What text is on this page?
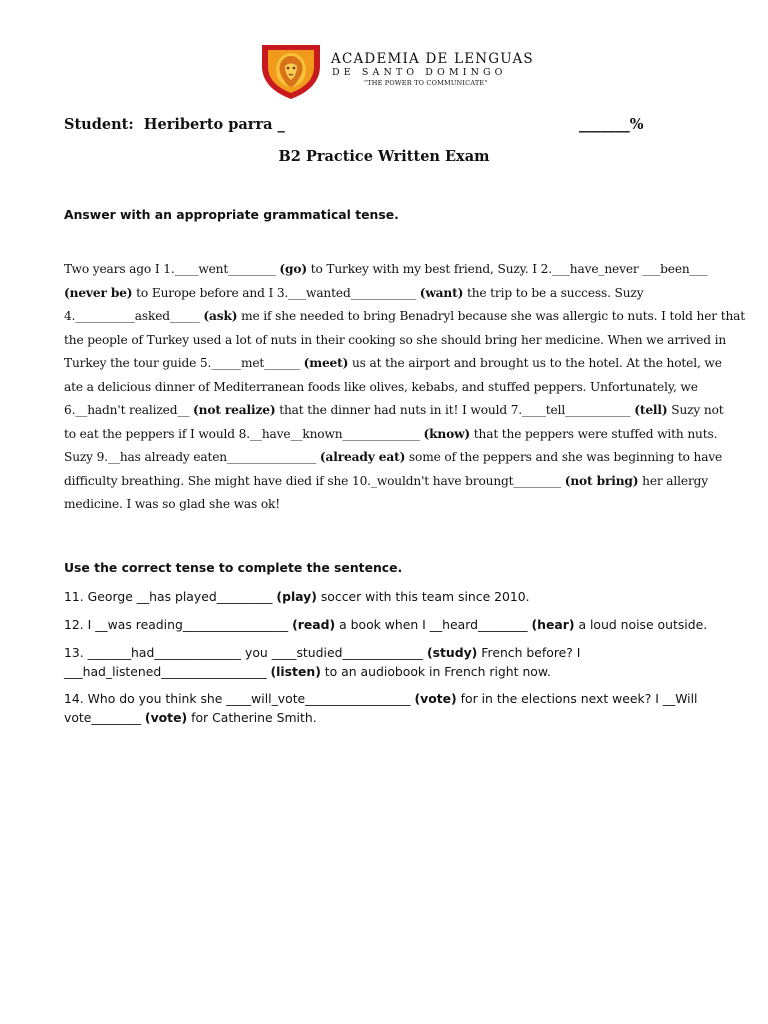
ACADEMIA DE LENGUAS
DE SANTO DOMINGO
"THE POWER TO COMMUNICATE"
Student: Heriberto parra _	_______%
B2 Practice Written Exam
Answer with an appropriate grammatical tense.
Two years ago I 1.____went________ (go) to Turkey with my best friend, Suzy. I 2.___have_never ___been___
(never be) to Europe before and I 3.___wanted___________ (want) the trip to be a success. Suzy
4.__________asked_____ (ask) me if she needed to bring Benadryl because she was allergic to nuts. I told her that
the people of Turkey used a lot of nuts in their cooking so she should bring her medicine. When we arrived in
Turkey the tour guide 5._____met______ (meet) us at the airport and brought us to the hotel. At the hotel, we
ate a delicious dinner of Mediterranean foods like olives, kebabs, and stuffed peppers. Unfortunately, we
6.__hadn't realized__ (not realize) that the dinner had nuts in it! I would 7.____tell___________ (tell) Suzy not
to eat the peppers if I would 8.__have__known_____________ (know) that the peppers were stuffed with nuts.
Suzy 9.__has already eaten_______________ (already eat) some of the peppers and she was beginning to have
difficulty breathing. She might have died if she 10._wouldn't have broungt________ (not bring) her allergy
medicine. I was so glad she was ok!
Use the correct tense to complete the sentence.
11. George __has played_________ (play) soccer with this team since 2010.
12. I __was reading_________________ (read) a book when I __heard________ (hear) a loud noise outside.
13. _______had______________ you ____studied_____________ (study) French before? I
___had_listened_________________ (listen) to an audiobook in French right now.
14. Who do you think she ____will_vote_________________ (vote) for in the elections next week? I __Will
vote________ (vote) for Catherine Smith.
